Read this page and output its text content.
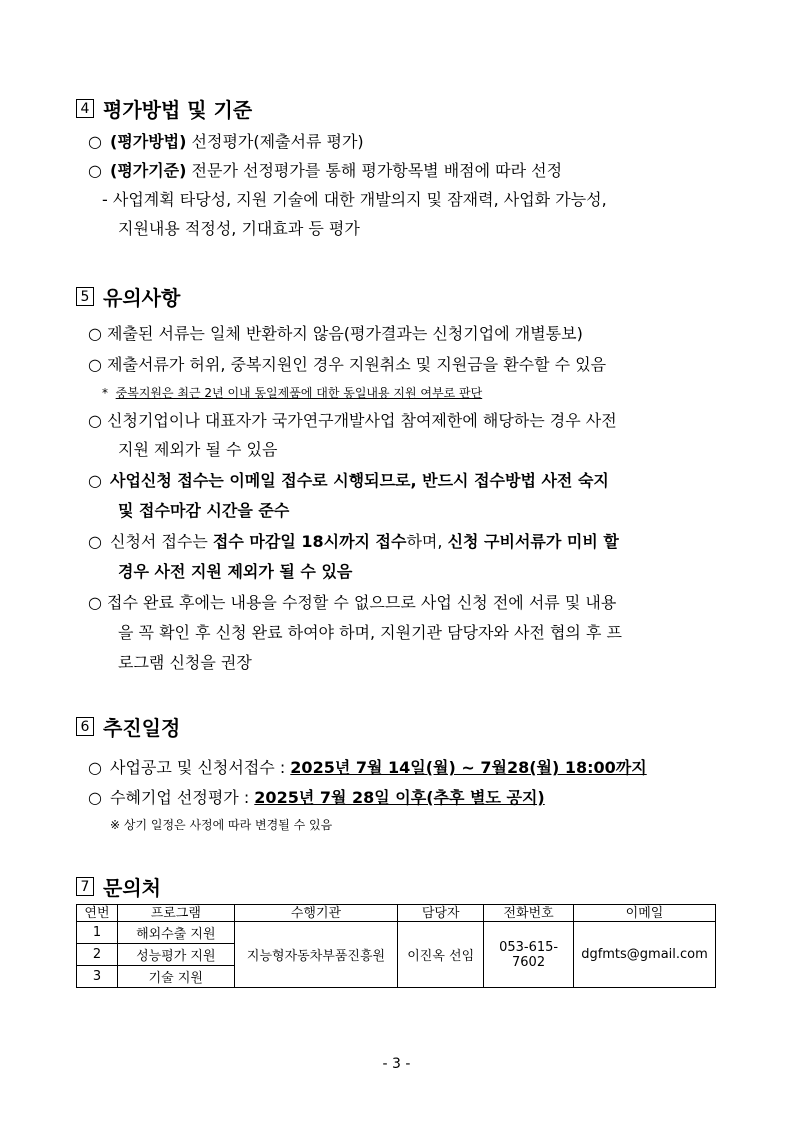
4 평가방법 및 기준
○ (평가방법) 선정평가(제출서류 평가)
○ (평가기준) 전문가 선정평가를 통해 평가항목별 배점에 따라 선정
- 사업계획 타당성, 지원 기술에 대한 개발의지 및 잠재력, 사업화 가능성,
지원내용 적정성, 기대효과 등 평가
5 유의사항
○ 제출된 서류는 일체 반환하지 않음(평가결과는 신청기업에 개별통보)
○ 제출서류가 허위, 중복지원인 경우 지원취소 및 지원금을 환수할 수 있음
* 중복지원은 최근 2년 이내 동일제품에 대한 동일내용 지원 여부로 판단
○ 신청기업이나 대표자가 국가연구개발사업 참여제한에 해당하는 경우 사전
지원 제외가 될 수 있음
○ 사업신청 접수는 이메일 접수로 시행되므로, 반드시 접수방법 사전 숙지
및 접수마감 시간을 준수
○ 신청서 접수는 접수 마감일 18시까지 접수하며, 신청 구비서류가 미비 할
경우 사전 지원 제외가 될 수 있음
○ 접수 완료 후에는 내용을 수정할 수 없으므로 사업 신청 전에 서류 및 내용
을 꼭 확인 후 신청 완료 하여야 하며, 지원기관 담당자와 사전 협의 후 프
로그램 신청을 권장
6 추진일정
○ 사업공고 및 신청서접수 : 2025년 7월 14일(월) ~ 7월28(월) 18:00까지
○ 수혜기업 선정평가 : 2025년 7월 28일 이후(추후 별도 공지)
※ 상기 일정은 사정에 따라 변경될 수 있음
7 문의처
연번	프로그램	수행기관	담당자	전화번호	이메일
1	해외수출 지원	지능형자동차부품진흥원	이진옥 선임	053-615-7602	dgfmts@gmail.com
2	성능평가 지원				
3	기술 지원				
- 3 -
